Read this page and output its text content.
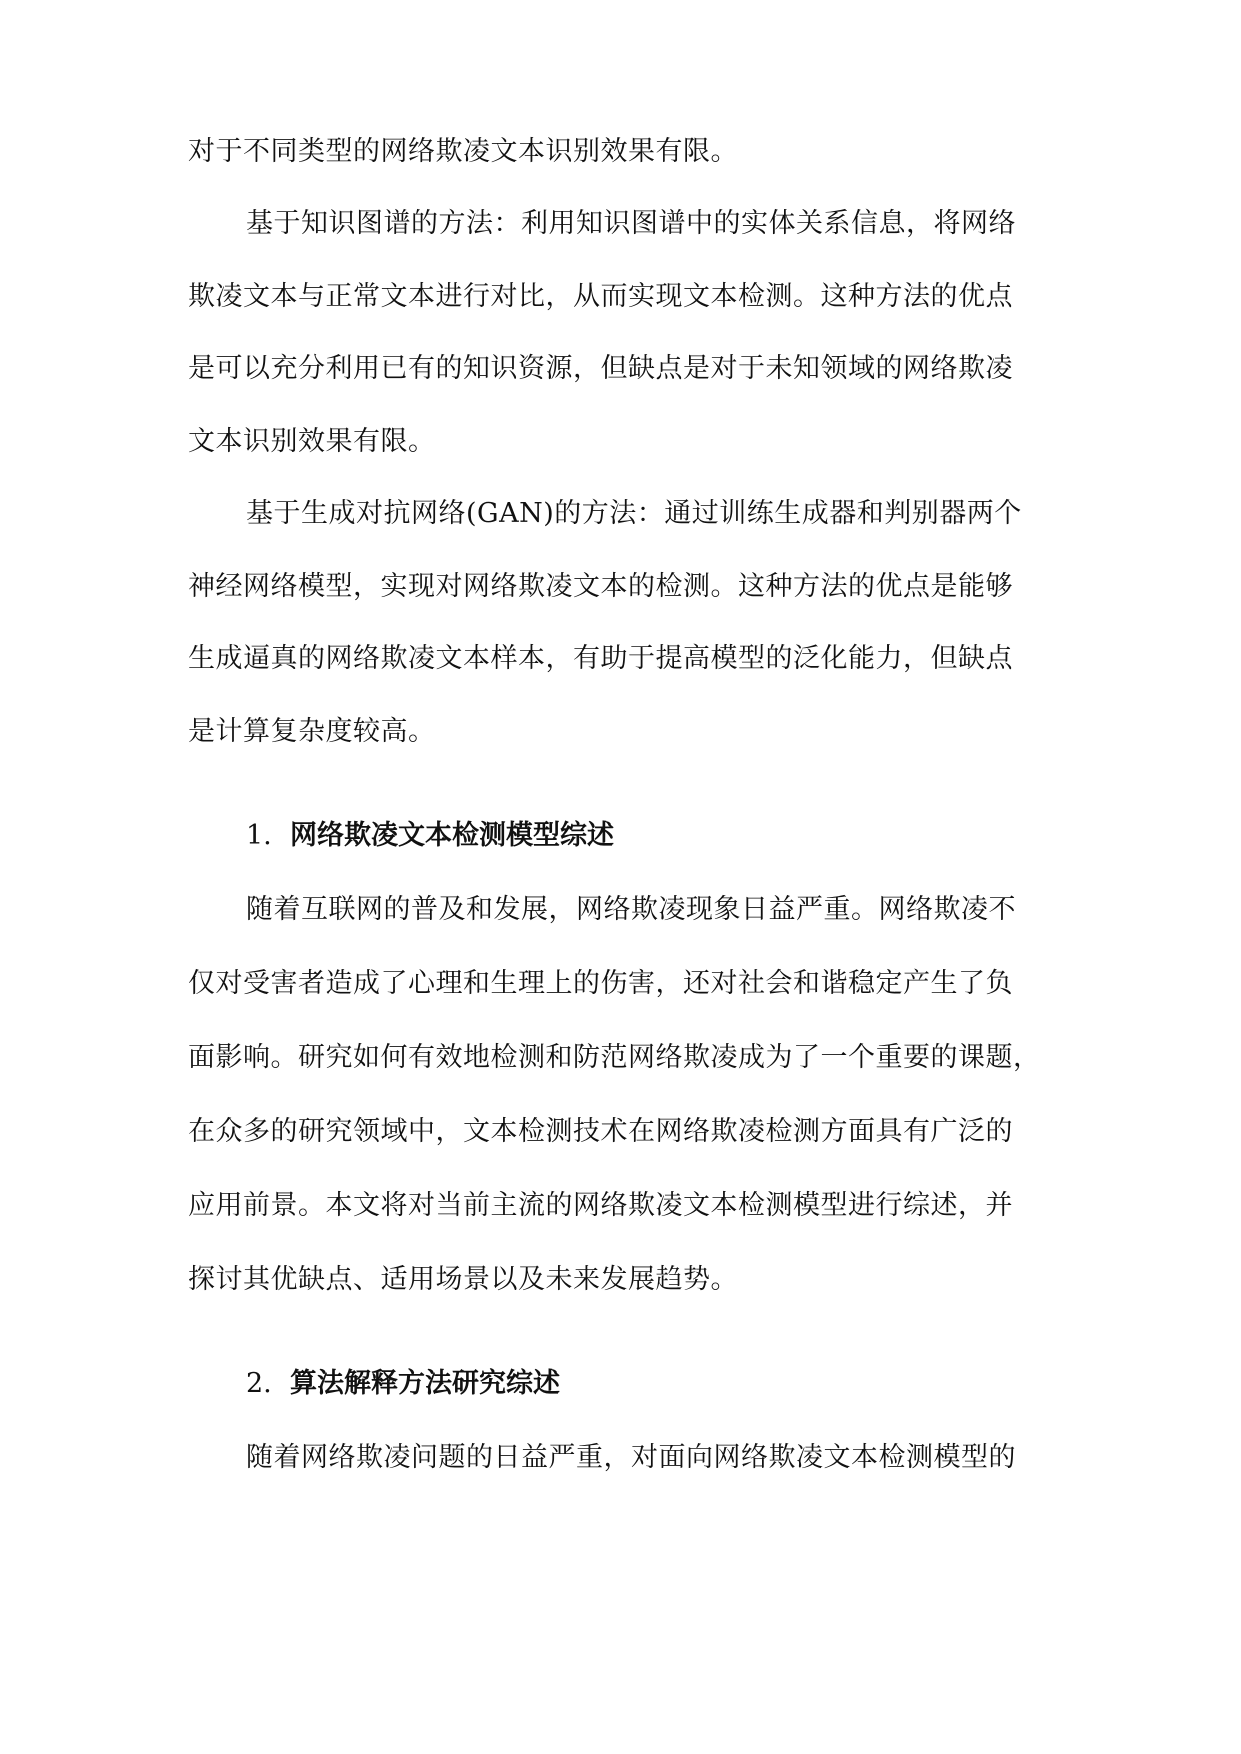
对于不同类型的网络欺凌文本识别效果有限。
基于知识图谱的方法：利用知识图谱中的实体关系信息，将网络
欺凌文本与正常文本进行对比，从而实现文本检测。这种方法的优点
是可以充分利用已有的知识资源，但缺点是对于未知领域的网络欺凌
文本识别效果有限。
基于生成对抗网络(GAN)的方法：通过训练生成器和判别器两个
神经网络模型，实现对网络欺凌文本的检测。这种方法的优点是能够
生成逼真的网络欺凌文本样本，有助于提高模型的泛化能力，但缺点
是计算复杂度较高。
1. 网络欺凌文本检测模型综述
随着互联网的普及和发展，网络欺凌现象日益严重。网络欺凌不
仅对受害者造成了心理和生理上的伤害，还对社会和谐稳定产生了负
面影响。研究如何有效地检测和防范网络欺凌成为了一个重要的课题，
在众多的研究领域中，文本检测技术在网络欺凌检测方面具有广泛的
应用前景。本文将对当前主流的网络欺凌文本检测模型进行综述，并
探讨其优缺点、适用场景以及未来发展趋势。
2. 算法解释方法研究综述
随着网络欺凌问题的日益严重，对面向网络欺凌文本检测模型的
